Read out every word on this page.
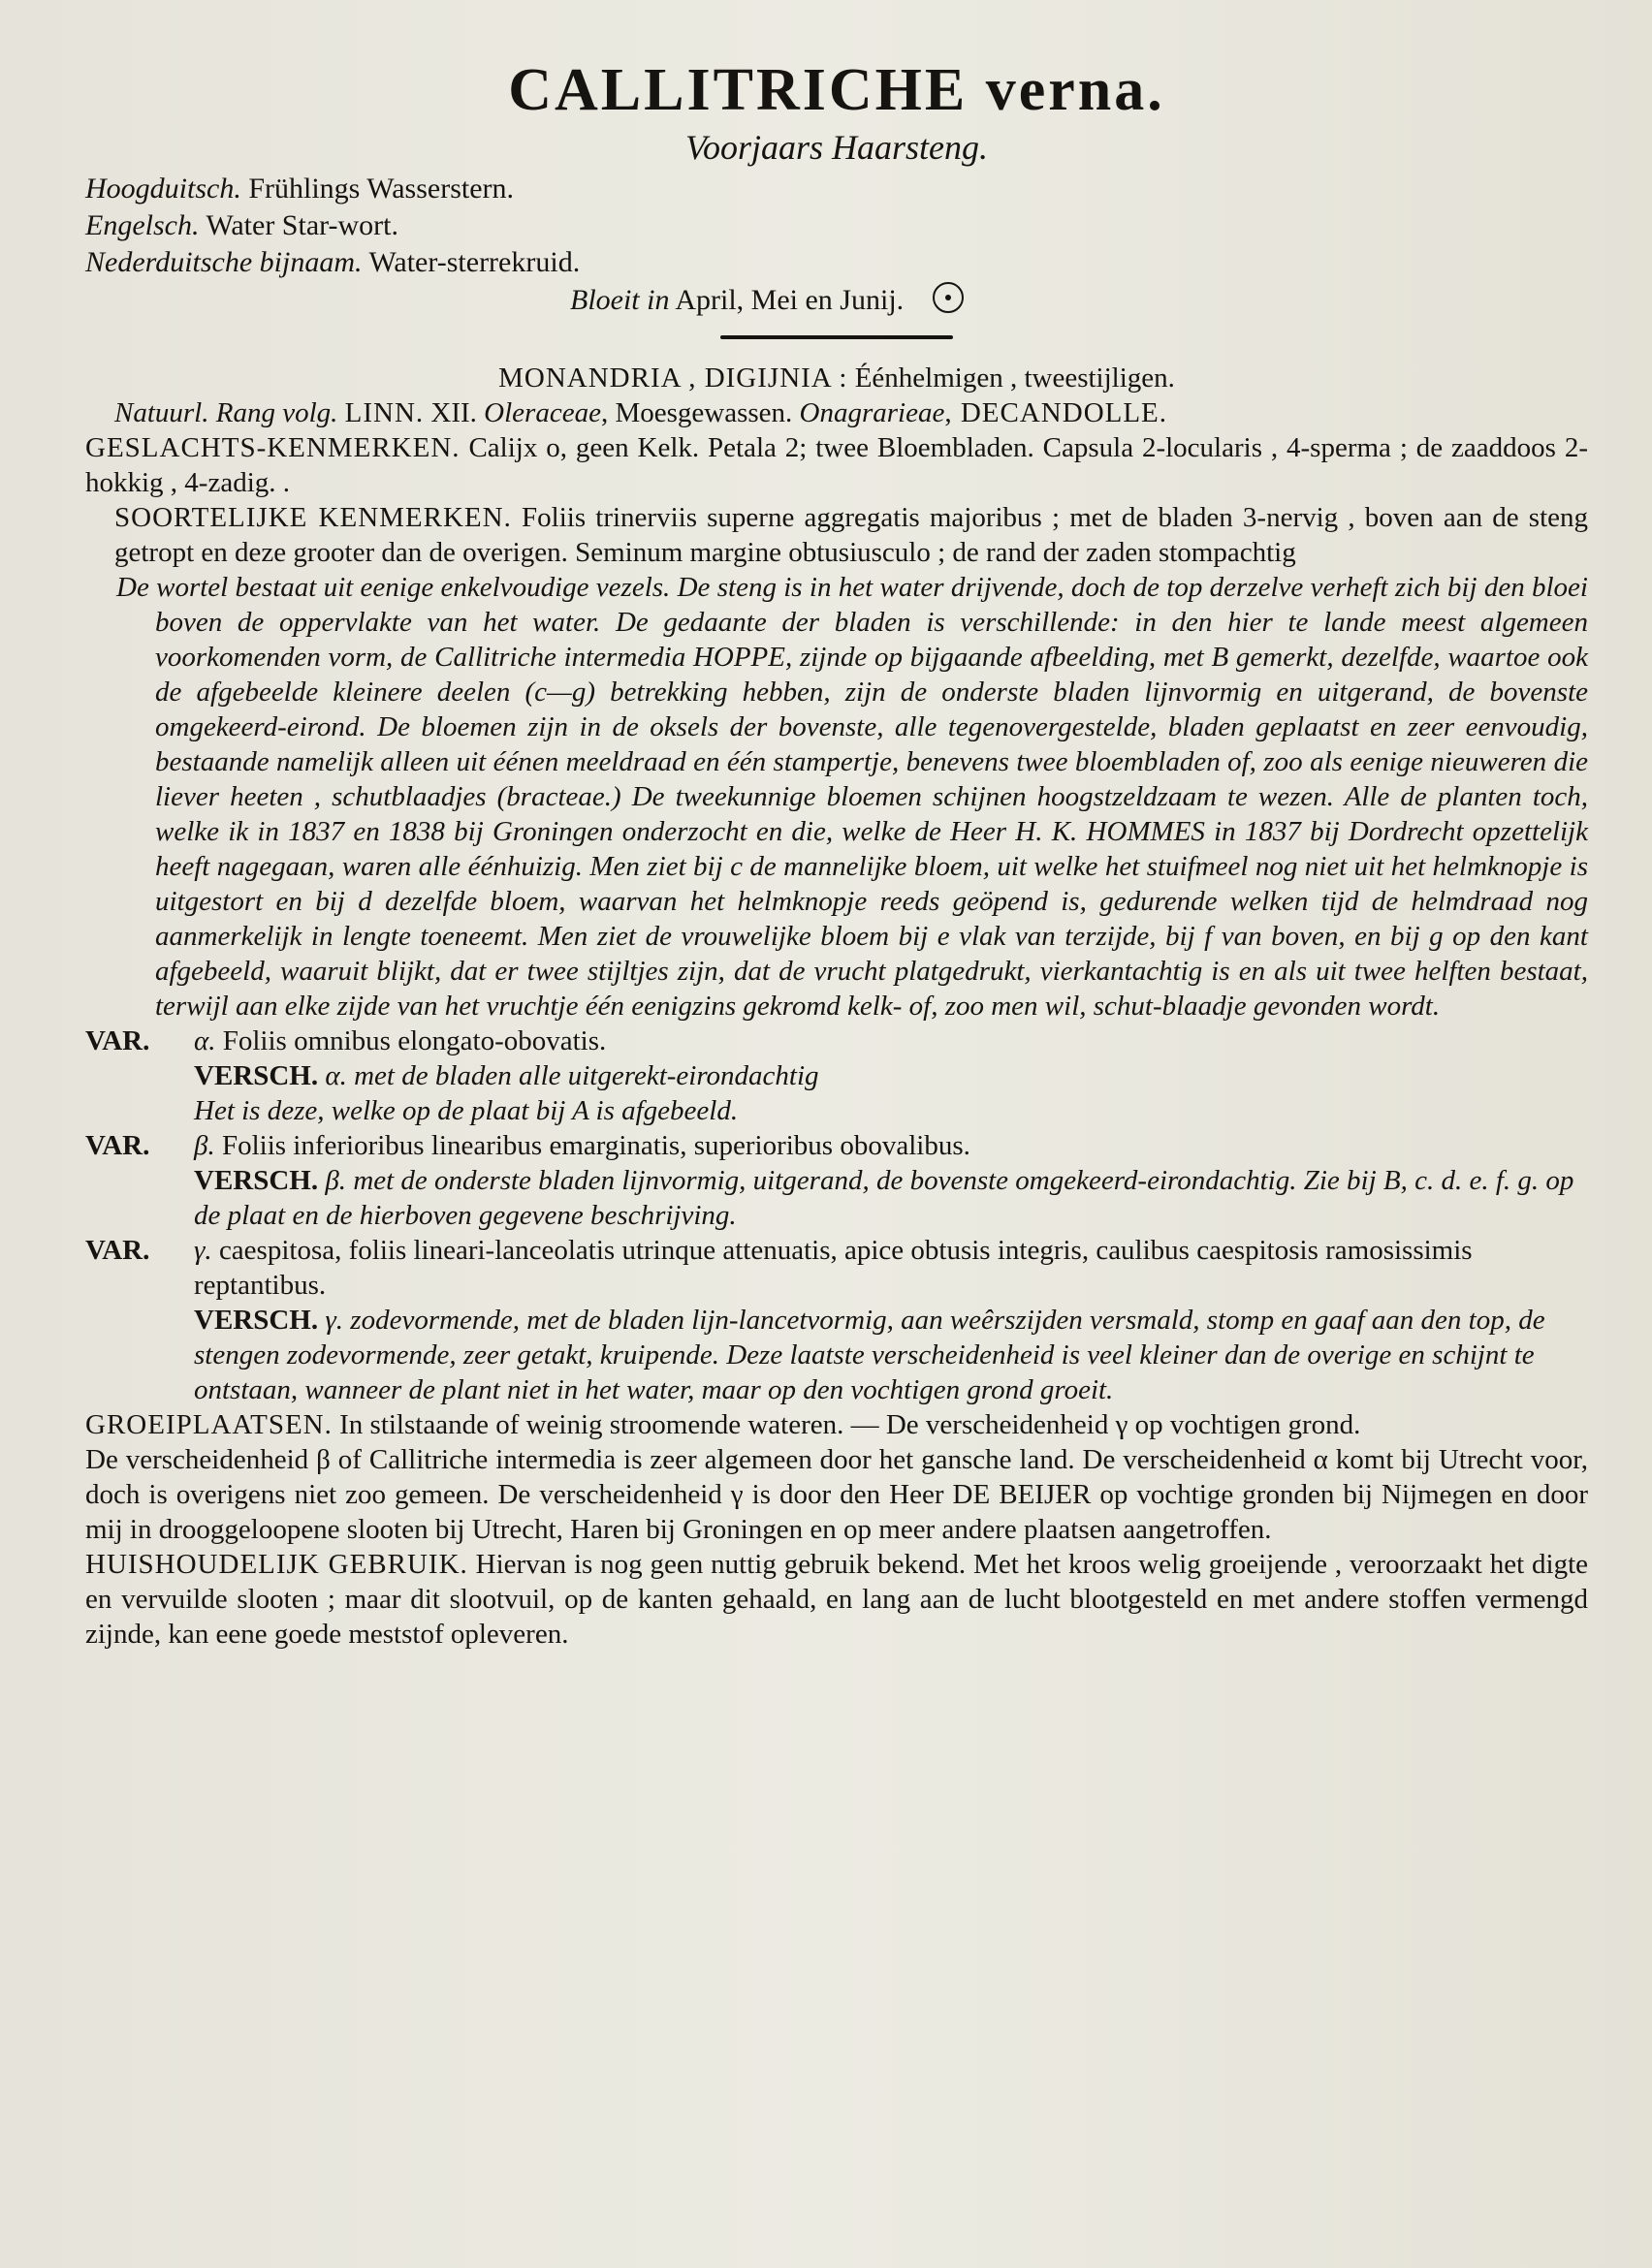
CALLITRICHE verna.
Voorjaars Haarsteng.
Hoogduitsch. Frühlings Wasserstern.
Engelsch. Water Star-wort.
Nederduitsche bijnaam. Water-sterrekruid.
Bloeit in April, Mei en Junij.

MONANDRIA , DIGIJNIA : Éénhelmigen , tweestijligen.

Natuurl. Rang volg. LINN. XII. Oleraceae, Moesgewassen. Onagrarieae, DECANDOLLE.

GESLACHTS-KENMERKEN. Calijx o, geen Kelk. Petala 2; twee Bloembladen. Capsula 2-locularis , 4-sperma ; de zaaddoos 2-hokkig , 4-zadig. .

SOORTELIJKE KENMERKEN. Foliis trinerviis superne aggregatis majoribus ; met de bladen 3-nervig , boven aan de steng getropt en deze grooter dan de overigen. Seminum margine obtusiusculo ; de rand der zaden stompachtig

De wortel bestaat uit eenige enkelvoudige vezels. De steng is in het water drijvende, doch de top derzelve verheft zich bij den bloei boven de oppervlakte van het water. De gedaante der bladen is verschillende: in den hier te lande meest algemeen voorkomenden vorm, de Callitriche intermedia HOPPE, zijnde op bijgaande afbeelding, met B gemerkt, dezelfde, waartoe ook de afgebeelde kleinere deelen (c—g) betrekking hebben, zijn de onderste bladen lijnvormig en uitgerand, de bovenste omgekeerd-eirond. De bloemen zijn in de oksels der bovenste, alle tegenovergestelde, bladen geplaatst en zeer eenvoudig, bestaande namelijk alleen uit éénen meeldraad en één stampertje, benevens twee bloembladen of, zoo als eenige nieuweren die liever heeten , schutblaadjes (bracteae.) De tweekunnige bloemen schijnen hoogstzeldzaam te wezen. Alle de planten toch, welke ik in 1837 en 1838 bij Groningen onderzocht en die, welke de Heer H. K. HOMMES in 1837 bij Dordrecht opzettelijk heeft nagegaan, waren alle éénhuizig. Men ziet bij c de mannelijke bloem, uit welke het stuifmeel nog niet uit het helmknopje is uitgestort en bij d dezelfde bloem, waarvan het helmknopje reeds geöpend is, gedurende welken tijd de helmdraad nog aanmerkelijk in lengte toeneemt. Men ziet de vrouwelijke bloem bij e vlak van terzijde, bij f van boven, en bij g op den kant afgebeeld, waaruit blijkt, dat er twee stijltjes zijn, dat de vrucht platgedrukt, vierkantachtig is en als uit twee helften bestaat, terwijl aan elke zijde van het vruchtje één eenigzins gekromd kelk- of, zoo men wil, schut-blaadje gevonden wordt.

VAR.	α. Foliis omnibus elongato-obovatis.
VERSCH. α. met de bladen alle uitgerekt-eirondachtig
Het is deze, welke op de plaat bij A is afgebeeld.
VAR.	β. Foliis inferioribus linearibus emarginatis, superioribus obovalibus.
VERSCH. β. met de onderste bladen lijnvormig, uitgerand, de bovenste omgekeerd-eirondachtig. Zie bij B, c. d. e. f. g. op de plaat en de hierboven gegevene beschrijving.
VAR.	γ. caespitosa, foliis lineari-lanceolatis utrinque attenuatis, apice obtusis integris, caulibus caespitosis ramosissimis reptantibus.
VERSCH. γ. zodevormende, met de bladen lijn-lancetvormig, aan weêrszijden versmald, stomp en gaaf aan den top, de stengen zodevormende, zeer getakt, kruipende. Deze laatste verscheidenheid is veel kleiner dan de overige en schijnt te ontstaan, wanneer de plant niet in het water, maar op den vochtigen grond groeit.

GROEIPLAATSEN. In stilstaande of weinig stroomende wateren. — De verscheidenheid γ op vochtigen grond.

De verscheidenheid β of Callitriche intermedia is zeer algemeen door het gansche land. De verscheidenheid α komt bij Utrecht voor, doch is overigens niet zoo gemeen. De verscheidenheid γ is door den Heer DE BEIJER op vochtige gronden bij Nijmegen en door mij in drooggeloopene slooten bij Utrecht, Haren bij Groningen en op meer andere plaatsen aangetroffen.

HUISHOUDELIJK GEBRUIK. Hiervan is nog geen nuttig gebruik bekend. Met het kroos welig groeijende , veroorzaakt het digte en vervuilde slooten ; maar dit slootvuil, op de kanten gehaald, en lang aan de lucht blootgesteld en met andere stoffen vermengd zijnde, kan eene goede meststof opleveren.
